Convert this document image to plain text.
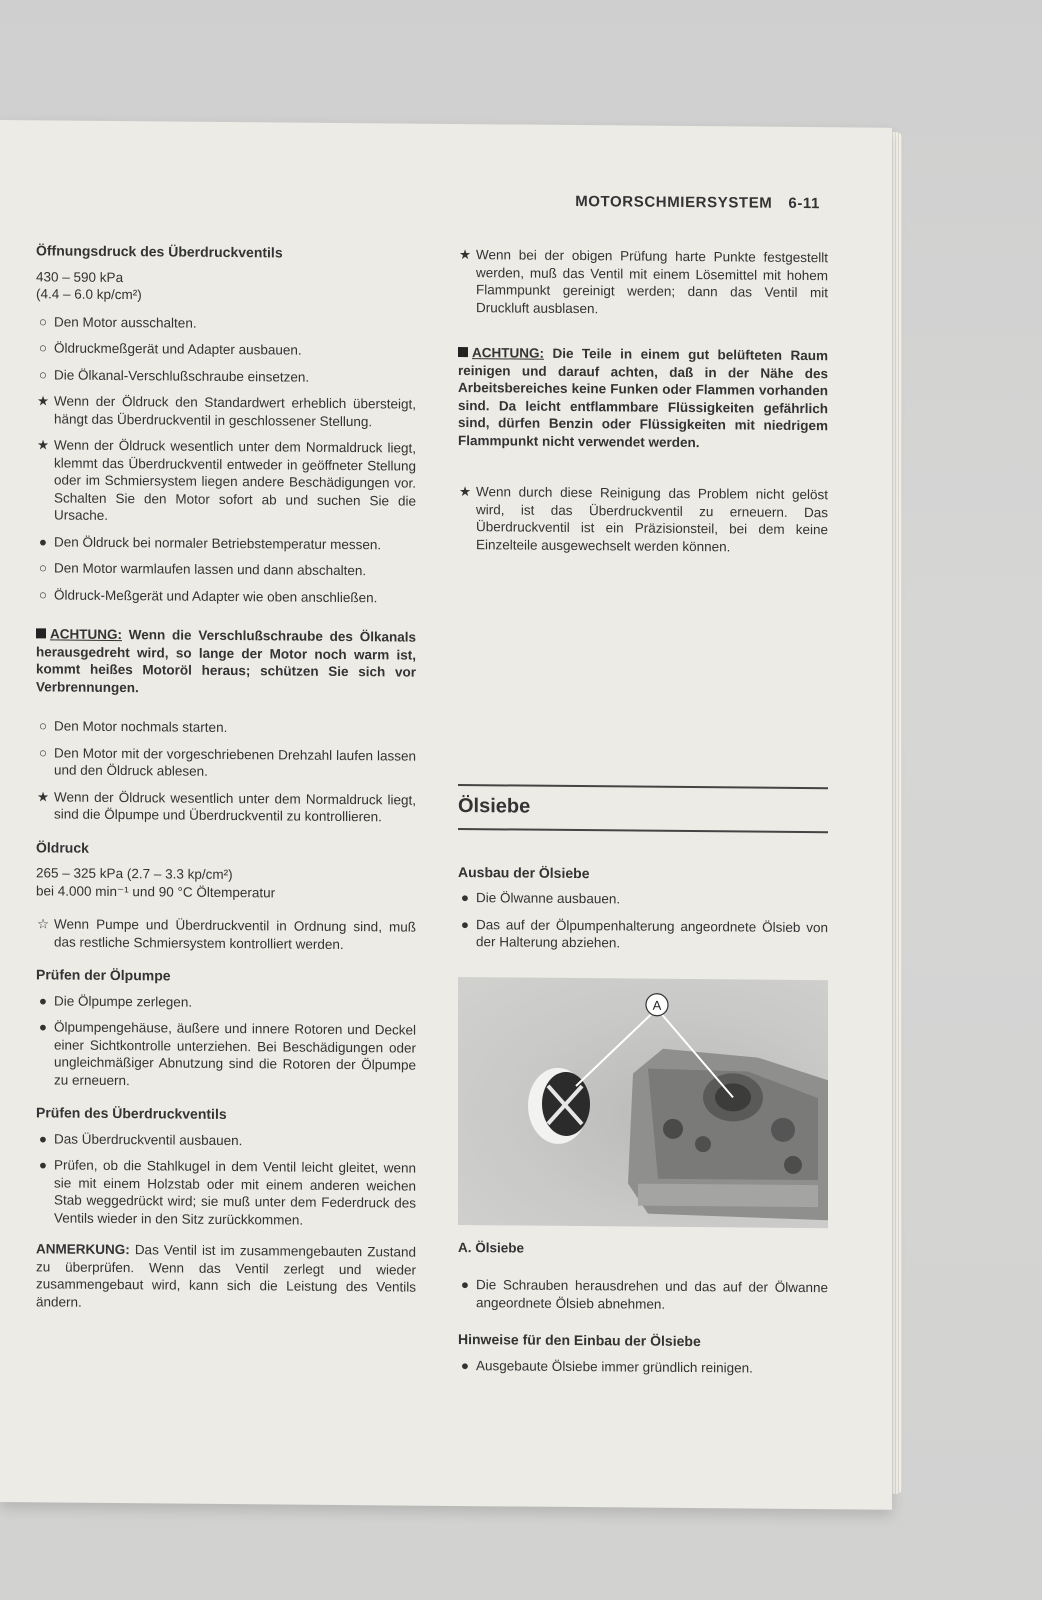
MOTORSCHMIERSYSTEM 6-11
Öffnungsdruck des Überdruckventils
430 – 590 kPa
(4.4 – 6.0 kp/cm²)
○ Den Motor ausschalten.
○ Öldruckmeßgerät und Adapter ausbauen.
○ Die Ölkanal-Verschlußschraube einsetzen.
★ Wenn der Öldruck den Standardwert erheblich übersteigt, hängt das Überdruckventil in geschlossener Stellung.
★ Wenn der Öldruck wesentlich unter dem Normaldruck liegt, klemmt das Überdruckventil entweder in geöffneter Stellung oder im Schmiersystem liegen andere Beschädigungen vor. Schalten Sie den Motor sofort ab und suchen Sie die Ursache.
● Den Öldruck bei normaler Betriebstemperatur messen.
○ Den Motor warmlaufen lassen und dann abschalten.
○ Öldruck-Meßgerät und Adapter wie oben anschließen.
ACHTUNG: Wenn die Verschlußschraube des Ölkanals herausgedreht wird, so lange der Motor noch warm ist, kommt heißes Motoröl heraus; schützen Sie sich vor Verbrennungen.
○ Den Motor nochmals starten.
○ Den Motor mit der vorgeschriebenen Drehzahl laufen lassen und den Öldruck ablesen.
★ Wenn der Öldruck wesentlich unter dem Normaldruck liegt, sind die Ölpumpe und Überdruckventil zu kontrollieren.
Öldruck
265 – 325 kPa (2.7 – 3.3 kp/cm²)
bei 4.000 min⁻¹ und 90 °C Öltemperatur
☆ Wenn Pumpe und Überdruckventil in Ordnung sind, muß das restliche Schmiersystem kontrolliert werden.
Prüfen der Ölpumpe
● Die Ölpumpe zerlegen.
● Ölpumpengehäuse, äußere und innere Rotoren und Deckel einer Sichtkontrolle unterziehen. Bei Beschädigungen oder ungleichmäßiger Abnutzung sind die Rotoren der Ölpumpe zu erneuern.
Prüfen des Überdruckventils
● Das Überdruckventil ausbauen.
● Prüfen, ob die Stahlkugel in dem Ventil leicht gleitet, wenn sie mit einem Holzstab oder mit einem anderen weichen Stab weggedrückt wird; sie muß unter dem Federdruck des Ventils wieder in den Sitz zurückkommen.
ANMERKUNG: Das Ventil ist im zusammengebauten Zustand zu überprüfen. Wenn das Ventil zerlegt und wieder zusammengebaut wird, kann sich die Leistung des Ventils ändern.
★ Wenn bei der obigen Prüfung harte Punkte festgestellt werden, muß das Ventil mit einem Lösemittel mit hohem Flammpunkt gereinigt werden; dann das Ventil mit Druckluft ausblasen.
ACHTUNG: Die Teile in einem gut belüfteten Raum reinigen und darauf achten, daß in der Nähe des Arbeitsbereiches keine Funken oder Flammen vorhanden sind. Da leicht entflammbare Flüssigkeiten gefährlich sind, dürfen Benzin oder Flüssigkeiten mit niedrigem Flammpunkt nicht verwendet werden.
★ Wenn durch diese Reinigung das Problem nicht gelöst wird, ist das Überdruckventil zu erneuern. Das Überdruckventil ist ein Präzisionsteil, bei dem keine Einzelteile ausgewechselt werden können.
Ölsiebe
Ausbau der Ölsiebe
● Die Ölwanne ausbauen.
● Das auf der Ölpumpenhalterung angeordnete Ölsieb von der Halterung abziehen.
A
A. Ölsiebe
● Die Schrauben herausdrehen und das auf der Ölwanne angeordnete Ölsieb abnehmen.
Hinweise für den Einbau der Ölsiebe
● Ausgebaute Ölsiebe immer gründlich reinigen.
